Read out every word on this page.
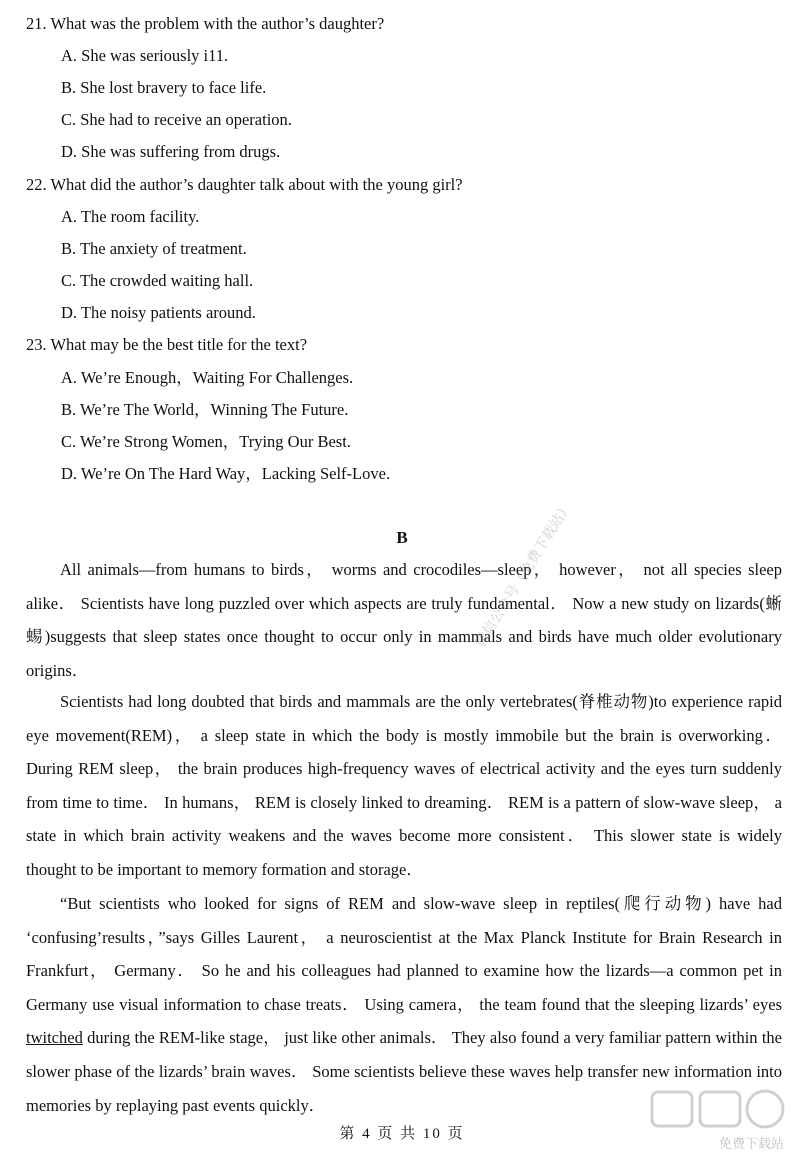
21. What was the problem with the author’s daughter?
A. She was seriously i11.
B. She lost bravery to face life.
C. She had to receive an operation.
D. She was suffering from drugs.
22. What did the author’s daughter talk about with the young girl?
A. The room facility.
B. The anxiety of treatment.
C. The crowded waiting hall.
D. The noisy patients around.
23. What may be the best title for the text?
A. We’re Enough，Waiting For Challenges.
B. We’re The World，Winning The Future.
C. We’re Strong Women，Trying Our Best.
D. We’re On The Hard Way，Lacking Self-Love.
B
All animals—from humans to birds， worms and crocodiles—sleep， however， not all species sleep alike． Scientists have long puzzled over which aspects are truly fundamental． Now a new study on lizards(蜥蜴)suggests that sleep states once thought to occur only in mammals and birds have much older evolutionary origins．
Scientists had long doubted that birds and mammals are the only vertebrates(脊椎动物)to experience rapid eye movement(REM)， a sleep state in which the body is mostly immobile but the brain is overworking． During REM sleep， the brain produces high-frequency waves of electrical activity and the eyes turn suddenly from time to time． In humans， REM is closely linked to dreaming． REM is a pattern of slow-wave sleep， a state in which brain activity weakens and the waves become more consistent． This slower state is widely thought to be important to memory formation and storage．
“But scientists who looked for signs of REM and slow-wave sleep in reptiles(爬行动物) have had ‘confusing’results，”says Gilles Laurent， a neuroscientist at the Max Planck Institute for Brain Research in Frankfurt， Germany． So he and his colleagues had planned to examine how the lizards—a common pet in Germany use visual information to chase treats． Using camera， the team found that the sleeping lizards’ eyes twitched during the REM-like stage， just like other animals． They also found a very familiar pattern within the slower phase of the lizards’ brain waves． Some scientists believe these waves help transfer new information into memories by replaying past events quickly．
微信公众号（免费下载站）
第 4 页 共 10 页
免费下载站
